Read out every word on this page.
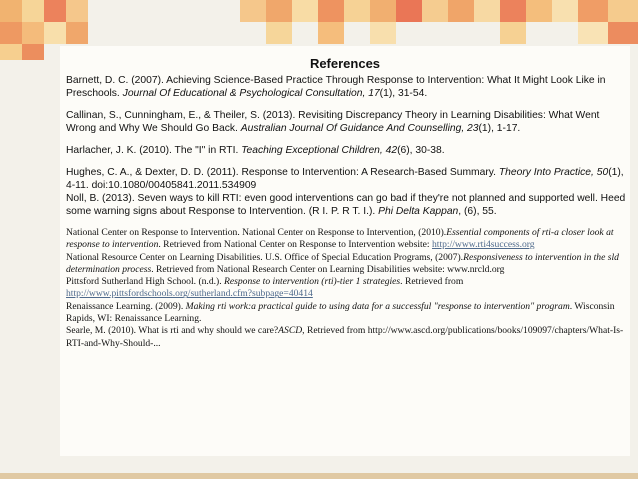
References

Barnett, D. C. (2007). Achieving Science-Based Practice Through Response to Intervention: What It Might Look Like in Preschools. Journal Of Educational & Psychological Consultation, 17(1), 31-54.

Callinan, S., Cunningham, E., & Theiler, S. (2013). Revisiting Discrepancy Theory in Learning Disabilities: What Went Wrong and Why We Should Go Back. Australian Journal Of Guidance And Counselling, 23(1), 1-17.

Harlacher, J. K. (2010). The "I" in RTI. Teaching Exceptional Children, 42(6), 30-38.

Hughes, C. A., & Dexter, D. D. (2011). Response to Intervention: A Research-Based Summary. Theory Into Practice, 50(1), 4-11. doi:10.1080/00405841.2011.534909

Noll, B. (2013). Seven ways to kill RTI: even good interventions can go bad if they're not planned and supported well. Heed some warning signs about Response to Intervention. (R I. P. R T. I.). Phi Delta Kappan, (6), 55.

National Center on Response to Intervention. National Center on Response to Intervention, (2010).Essential components of rti-a closer look at response to intervention. Retrieved from National Center on Response to Intervention website: http://www.rti4success.org

National Resource Center on Learning Disabilities. U.S. Office of Special Education Programs, (2007).Responsiveness to intervention in the sld determination process. Retrieved from National Research Center on Learning Disabilities website: www.nrcld.org

Pittsford Sutherland High School. (n.d.). Response to intervention (rti)-tier 1 strategies. Retrieved from http://www.pittsfordschools.org/sutherland.cfm?subpage=40414

Renaissance Learning. (2009). Making rti work:a practical guide to using data for a successful "response to intervention" program. Wisconsin Rapids, WI: Renaissance Learning.

Searle, M. (2010). What is rti and why should we care?ASCD, Retrieved from http://www.ascd.org/publications/books/109097/chapters/What-Is-RTI-and-Why-Should-...
